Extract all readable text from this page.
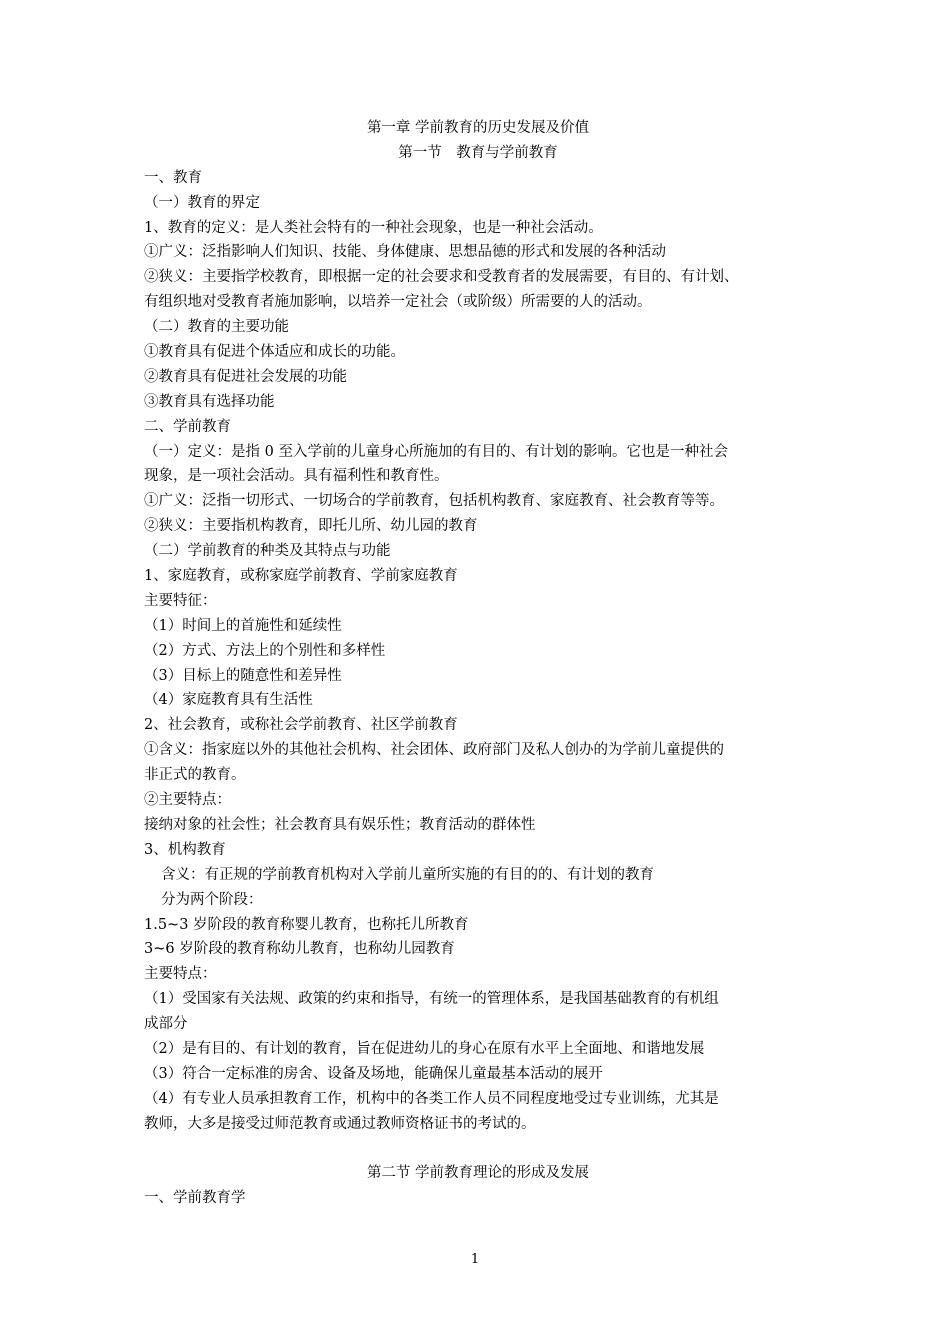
第一章 学前教育的历史发展及价值
第一节　教育与学前教育
一、教育
（一）教育的界定
1、教育的定义：是人类社会特有的一种社会现象，也是一种社会活动。
①广义：泛指影响人们知识、技能、身体健康、思想品德的形式和发展的各种活动
②狭义：主要指学校教育，即根据一定的社会要求和受教育者的发展需要，有目的、有计划、
有组织地对受教育者施加影响，以培养一定社会（或阶级）所需要的人的活动。
（二）教育的主要功能
①教育具有促进个体适应和成长的功能。
②教育具有促进社会发展的功能
③教育具有选择功能
二、学前教育
（一）定义：是指 0 至入学前的儿童身心所施加的有目的、有计划的影响。它也是一种社会
现象，是一项社会活动。具有福利性和教育性。
①广义：泛指一切形式、一切场合的学前教育，包括机构教育、家庭教育、社会教育等等。
②狭义：主要指机构教育，即托儿所、幼儿园的教育
（二）学前教育的种类及其特点与功能
1、家庭教育，或称家庭学前教育、学前家庭教育
主要特征：
（1）时间上的首施性和延续性
（2）方式、方法上的个别性和多样性
（3）目标上的随意性和差异性
（4）家庭教育具有生活性
2、社会教育，或称社会学前教育、社区学前教育
①含义：指家庭以外的其他社会机构、社会团体、政府部门及私人创办的为学前儿童提供的
非正式的教育。
②主要特点：
接纳对象的社会性；社会教育具有娱乐性；教育活动的群体性
3、机构教育
含义：有正规的学前教育机构对入学前儿童所实施的有目的的、有计划的教育
分为两个阶段：
1.5~3 岁阶段的教育称婴儿教育，也称托儿所教育
3~6 岁阶段的教育称幼儿教育，也称幼儿园教育
主要特点：
（1）受国家有关法规、政策的约束和指导，有统一的管理体系，是我国基础教育的有机组
成部分
（2）是有目的、有计划的教育，旨在促进幼儿的身心在原有水平上全面地、和谐地发展
（3）符合一定标准的房舍、设备及场地，能确保儿童最基本活动的展开
（4）有专业人员承担教育工作，机构中的各类工作人员不同程度地受过专业训练，尤其是
教师，大多是接受过师范教育或通过教师资格证书的考试的。
第二节 学前教育理论的形成及发展
一、学前教育学
1
